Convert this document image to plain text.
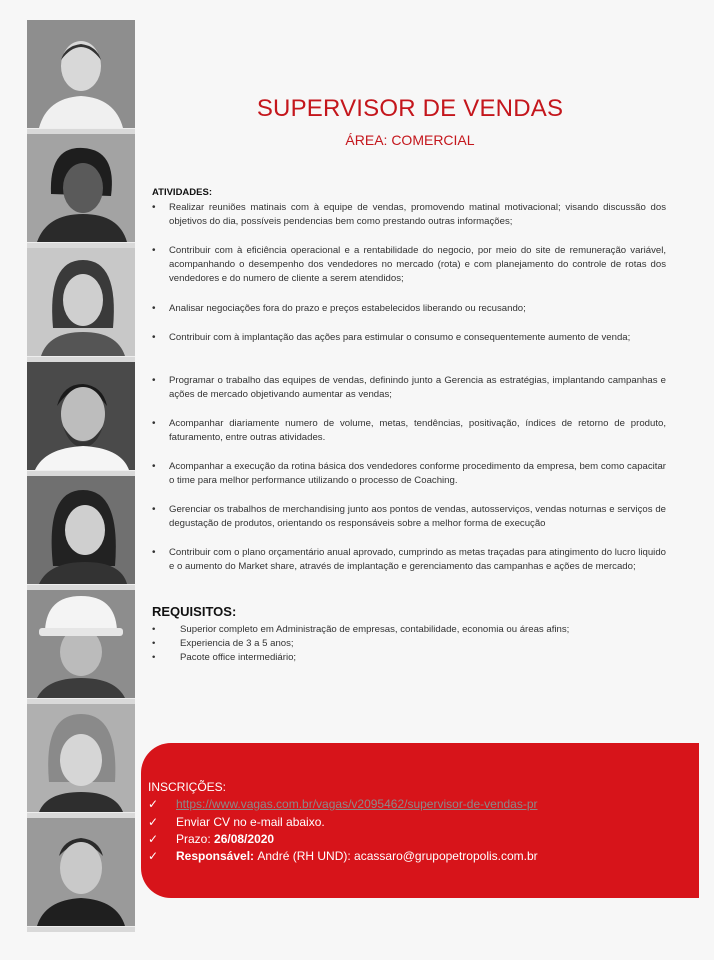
SUPERVISOR DE VENDAS
ÁREA: COMERCIAL
ATIVIDADES:
•	Realizar reuniões matinais com à equipe de vendas, promovendo matinal motivacional; visando discussão dos objetivos do dia, possíveis pendencias bem como prestando outras informações;
•	Contribuir com à eficiência operacional e a rentabilidade do negocio, por meio do site de remuneração variável, acompanhando o desempenho dos vendedores no mercado (rota) e com planejamento do controle de rotas dos vendedores e do numero de cliente a serem atendidos;
•	Analisar negociações fora do prazo e preços estabelecidos liberando ou recusando;
•	Contribuir com à implantação das ações para estimular o consumo e consequentemente aumento de venda;
•	Programar o trabalho das equipes de vendas, definindo junto a Gerencia as estratégias, implantando campanhas e ações de mercado objetivando aumentar as vendas;
•	Acompanhar diariamente numero de volume, metas, tendências, positivação, índices de retorno de produto, faturamento, entre outras atividades.
•	Acompanhar a execução da rotina básica dos vendedores conforme procedimento da empresa, bem como capacitar o time para melhor performance utilizando o processo de Coaching.
•	Gerenciar os trabalhos de merchandising junto aos pontos de vendas, autosserviços, vendas noturnas e serviços de degustação de produtos, orientando os responsáveis sobre a melhor forma de execução
•	Contribuir com o plano orçamentário anual aprovado, cumprindo as metas traçadas para atingimento do lucro liquido e o aumento do Market share, através de implantação e gerenciamento das campanhas e ações de mercado;
REQUISITOS:
•	Superior completo em Administração de empresas, contabilidade, economia ou áreas afins;
•	Experiencia de 3 a 5 anos;
•	Pacote office intermediário;
INSCRIÇÕES:
✓	https://www.vagas.com.br/vagas/v2095462/supervisor-de-vendas-pr
✓	Enviar CV no e-mail abaixo.
✓	Prazo:
26/08/2020
✓	Responsável:
André (RH UND): acassaro@grupopetropolis.com.br
